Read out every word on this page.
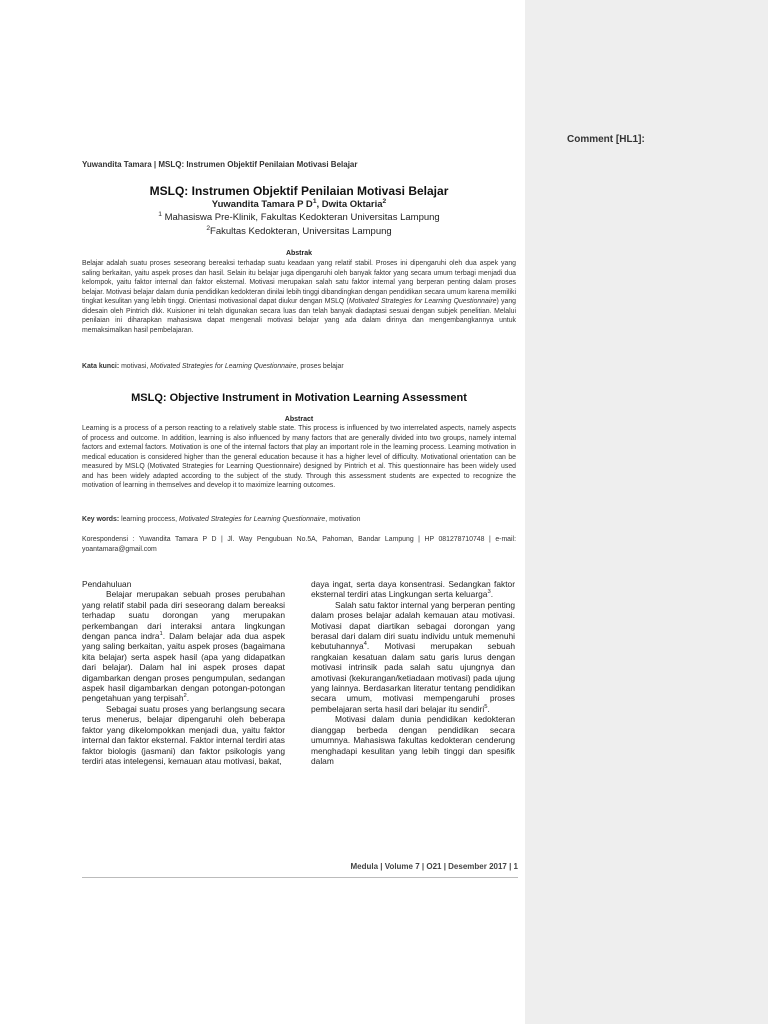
Comment [HL1]:
Yuwandita Tamara | MSLQ: Instrumen Objektif Penilaian Motivasi Belajar
MSLQ: Instrumen Objektif Penilaian Motivasi Belajar
Yuwandita Tamara P $D^1$, Dwita Oktaria$^2$
$^1$ Mahasiswa Pre-Klinik, Fakultas Kedokteran Universitas Lampung
$^2$Fakultas Kedokteran, Universitas Lampung
Abstrak
Belajar adalah suatu proses seseorang bereaksi terhadap suatu keadaan yang relatif stabil. Proses ini dipengaruhi oleh dua aspek yang saling berkaitan, yaitu aspek proses dan hasil. Selain itu belajar juga dipengaruhi oleh banyak faktor yang secara umum terbagi menjadi dua kelompok, yaitu faktor internal dan faktor eksternal. Motivasi merupakan salah satu faktor internal yang berperan penting dalam proses belajar. Motivasi belajar dalam dunia pendidikan kedokteran dinilai lebih tinggi dibandingkan dengan pendidikan secara umum karena memiliki tingkat kesulitan yang lebih tinggi. Orientasi motivasional dapat diukur dengan MSLQ (Motivated Strategies for Learning Questionnaire) yang didesain oleh Pintrich dkk. Kuisioner ini telah digunakan secara luas dan telah banyak diadaptasi sesuai dengan subjek penelitian. Melalui penilaian ini diharapkan mahasiswa dapat mengenali motivasi belajar yang ada dalam dirinya dan mengembangkannya untuk memaksimalkan hasil pembelajaran.
Kata kunci: motivasi, Motivated Strategies for Learning Questionnaire, proses belajar
MSLQ: Objective Instrument in Motivation Learning Assessment
Abstract
Learning is a process of a person reacting to a relatively stable state. This process is influenced by two interrelated aspects, namely aspects of process and outcome. In addition, learning is also influenced by many factors that are generally divided into two groups, namely internal factors and external factors. Motivation is one of the internal factors that play an important role in the learning process. Learning motivation in medical education is considered higher than the general education because it has a higher level of difficulty. Motivational orientation can be measured by MSLQ (Motivated Strategies for Learning Questionnaire) designed by Pintrich et al. This questionnaire has been widely used and has been widely adapted according to the subject of the study. Through this assessment students are expected to recognize the motivation of learning in themselves and develop it to maximize learning outcomes.
Key words: learning proccess, Motivated Strategies for Learning Questionnaire, motivation
Korespondensi : Yuwandita Tamara P D | Jl. Way Pengubuan No.5A, Pahoman, Bandar Lampung | HP 081278710748 | e-mail: yoantamara@gmail.com

Pendahuluan

Belajar merupakan sebuah proses perubahan yang relatif stabil pada diri seseorang dalam bereaksi terhadap suatu dorongan yang merupakan perkembangan dari interaksi antara lingkungan dengan panca indra$^1$. Dalam belajar ada dua aspek yang saling berkaitan, yaitu aspek proses (bagaimana kita belajar) serta aspek hasil (apa yang didapatkan dari belajar). Dalam hal ini aspek proses dapat digambarkan dengan proses pengumpulan, sedangan aspek hasil digambarkan dengan potongan-potongan pengetahuan yang terpisah$^2$.

Sebagai suatu proses yang berlangsung secara terus menerus, belajar dipengaruhi oleh beberapa faktor yang dikelompokkan menjadi dua, yaitu faktor internal dan faktor eksternal. Faktor internal terdiri atas faktor biologis (jasmani) dan faktor psikologis yang terdiri atas intelegensi, kemauan atau motivasi, bakat,

daya ingat, serta daya konsentrasi. Sedangkan faktor eksternal terdiri atas Lingkungan serta keluarga$^3$.

Salah satu faktor internal yang berperan penting dalam proses belajar adalah kemauan atau motivasi. Motivasi dapat diartikan sebagai dorongan yang berasal dari dalam diri suatu individu untuk memenuhi kebutuhannya$^4$. Motivasi merupakan sebuah rangkaian kesatuan dalam satu garis lurus dengan motivasi intrinsik pada salah satu ujungnya dan amotivasi (kekurangan/ketiadaan motivasi) pada ujung yang lainnya. Berdasarkan literatur tentang pendidikan secara umum, motivasi mempengaruhi proses pembelajaran serta hasil dari belajar itu sendiri$^5$.

Motivasi dalam dunia pendidikan kedokteran dianggap berbeda dengan pendidikan secara umumnya. Mahasiswa fakultas kedokteran cenderung menghadapi kesulitan yang lebih tinggi dan spesifik dalam

Medula | Volume 7 | O21 | Desember 2017 | 1
